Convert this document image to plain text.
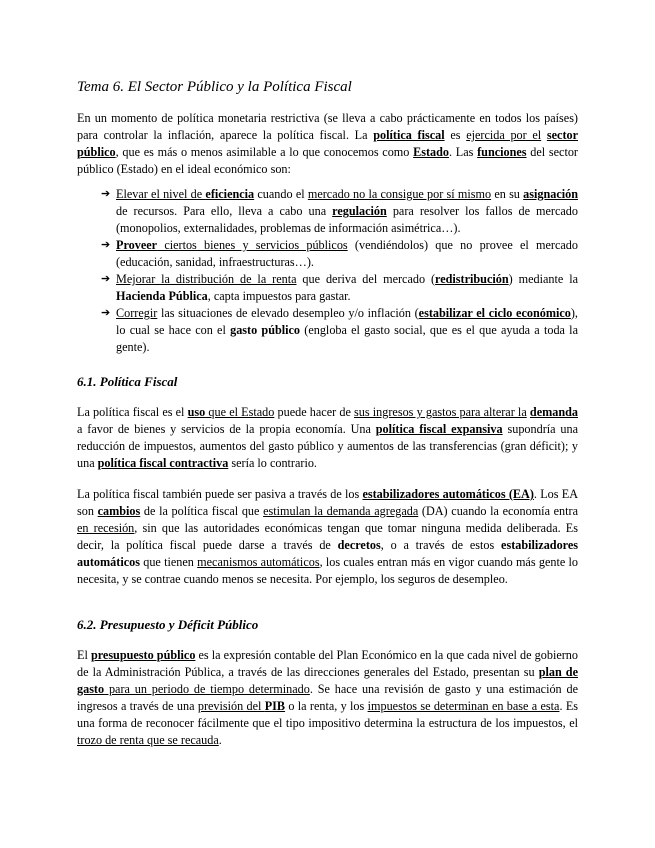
Tema 6. El Sector Público y la Política Fiscal

En un momento de política monetaria restrictiva (se lleva a cabo prácticamente en todos los países) para controlar la inflación, aparece la política fiscal. La política fiscal es ejercida por el sector público, que es más o menos asimilable a lo que conocemos como Estado. Las funciones del sector público (Estado) en el ideal económico son:

➔ Elevar el nivel de eficiencia cuando el mercado no la consigue por sí mismo en su asignación de recursos. Para ello, lleva a cabo una regulación para resolver los fallos de mercado (monopolios, externalidades, problemas de información asimétrica…).
➔ Proveer ciertos bienes y servicios públicos (vendiéndolos) que no provee el mercado (educación, sanidad, infraestructuras…).
➔ Mejorar la distribución de la renta que deriva del mercado (redistribución) mediante la Hacienda Pública, capta impuestos para gastar.
➔ Corregir las situaciones de elevado desempleo y/o inflación (estabilizar el ciclo económico), lo cual se hace con el gasto público (engloba el gasto social, que es el que ayuda a toda la gente).
6.1. Política Fiscal

La política fiscal es el uso que el Estado puede hacer de sus ingresos y gastos para alterar la demanda a favor de bienes y servicios de la propia economía. Una política fiscal expansiva supondría una reducción de impuestos, aumentos del gasto público y aumentos de las transferencias (gran déficit); y una política fiscal contractiva sería lo contrario.

La política fiscal también puede ser pasiva a través de los estabilizadores automáticos (EA). Los EA son cambios de la política fiscal que estimulan la demanda agregada (DA) cuando la economía entra en recesión, sin que las autoridades económicas tengan que tomar ninguna medida deliberada. Es decir, la política fiscal puede darse a través de decretos, o a través de estos estabilizadores automáticos que tienen mecanismos automáticos, los cuales entran más en vigor cuando más gente lo necesita, y se contrae cuando menos se necesita. Por ejemplo, los seguros de desempleo.

6.2. Presupuesto y Déficit Público

El presupuesto público es la expresión contable del Plan Económico en la que cada nivel de gobierno de la Administración Pública, a través de las direcciones generales del Estado, presentan su plan de gasto para un periodo de tiempo determinado. Se hace una revisión de gasto y una estimación de ingresos a través de una previsión del PIB o la renta, y los impuestos se determinan en base a esta. Es una forma de reconocer fácilmente que el tipo impositivo determina la estructura de los impuestos, el trozo de renta que se recauda.
